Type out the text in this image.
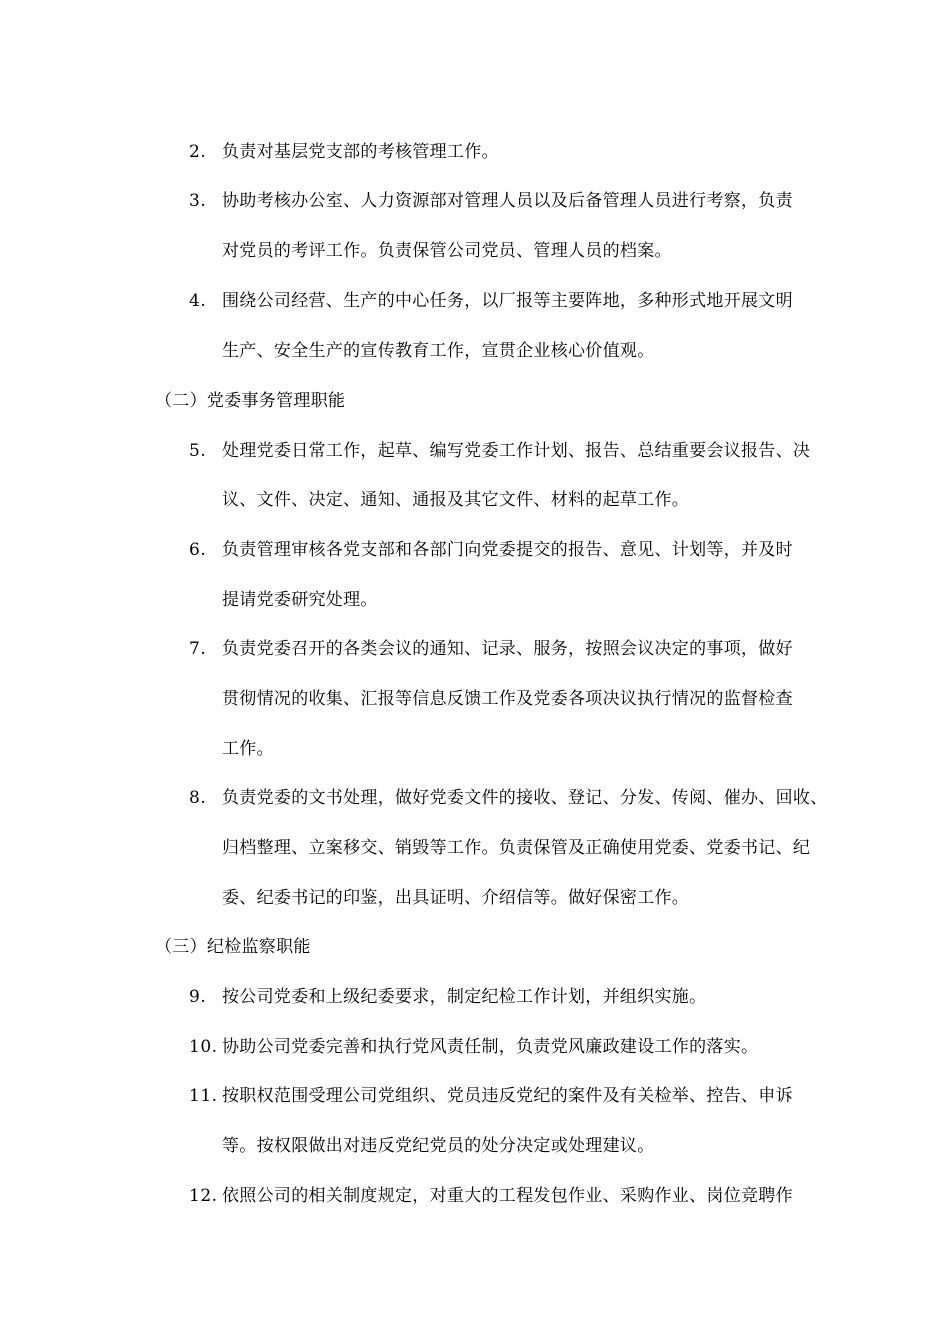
2. 负责对基层党支部的考核管理工作。
3. 协助考核办公室、人力资源部对管理人员以及后备管理人员进行考察，负责
对党员的考评工作。负责保管公司党员、管理人员的档案。
4. 围绕公司经营、生产的中心任务，以厂报等主要阵地，多种形式地开展文明
生产、安全生产的宣传教育工作，宣贯企业核心价值观。
（二）党委事务管理职能
5. 处理党委日常工作，起草、编写党委工作计划、报告、总结重要会议报告、决
议、文件、决定、通知、通报及其它文件、材料的起草工作。
6. 负责管理审核各党支部和各部门向党委提交的报告、意见、计划等，并及时
提请党委研究处理。
7. 负责党委召开的各类会议的通知、记录、服务，按照会议决定的事项，做好
贯彻情况的收集、汇报等信息反馈工作及党委各项决议执行情况的监督检查
工作。
8. 负责党委的文书处理，做好党委文件的接收、登记、分发、传阅、催办、回收、
归档整理、立案移交、销毁等工作。负责保管及正确使用党委、党委书记、纪
委、纪委书记的印鉴，出具证明、介绍信等。做好保密工作。
（三）纪检监察职能
9. 按公司党委和上级纪委要求，制定纪检工作计划，并组织实施。
10. 协助公司党委完善和执行党风责任制，负责党风廉政建设工作的落实。
11. 按职权范围受理公司党组织、党员违反党纪的案件及有关检举、控告、申诉
等。按权限做出对违反党纪党员的处分决定或处理建议。
12. 依照公司的相关制度规定，对重大的工程发包作业、采购作业、岗位竞聘作
